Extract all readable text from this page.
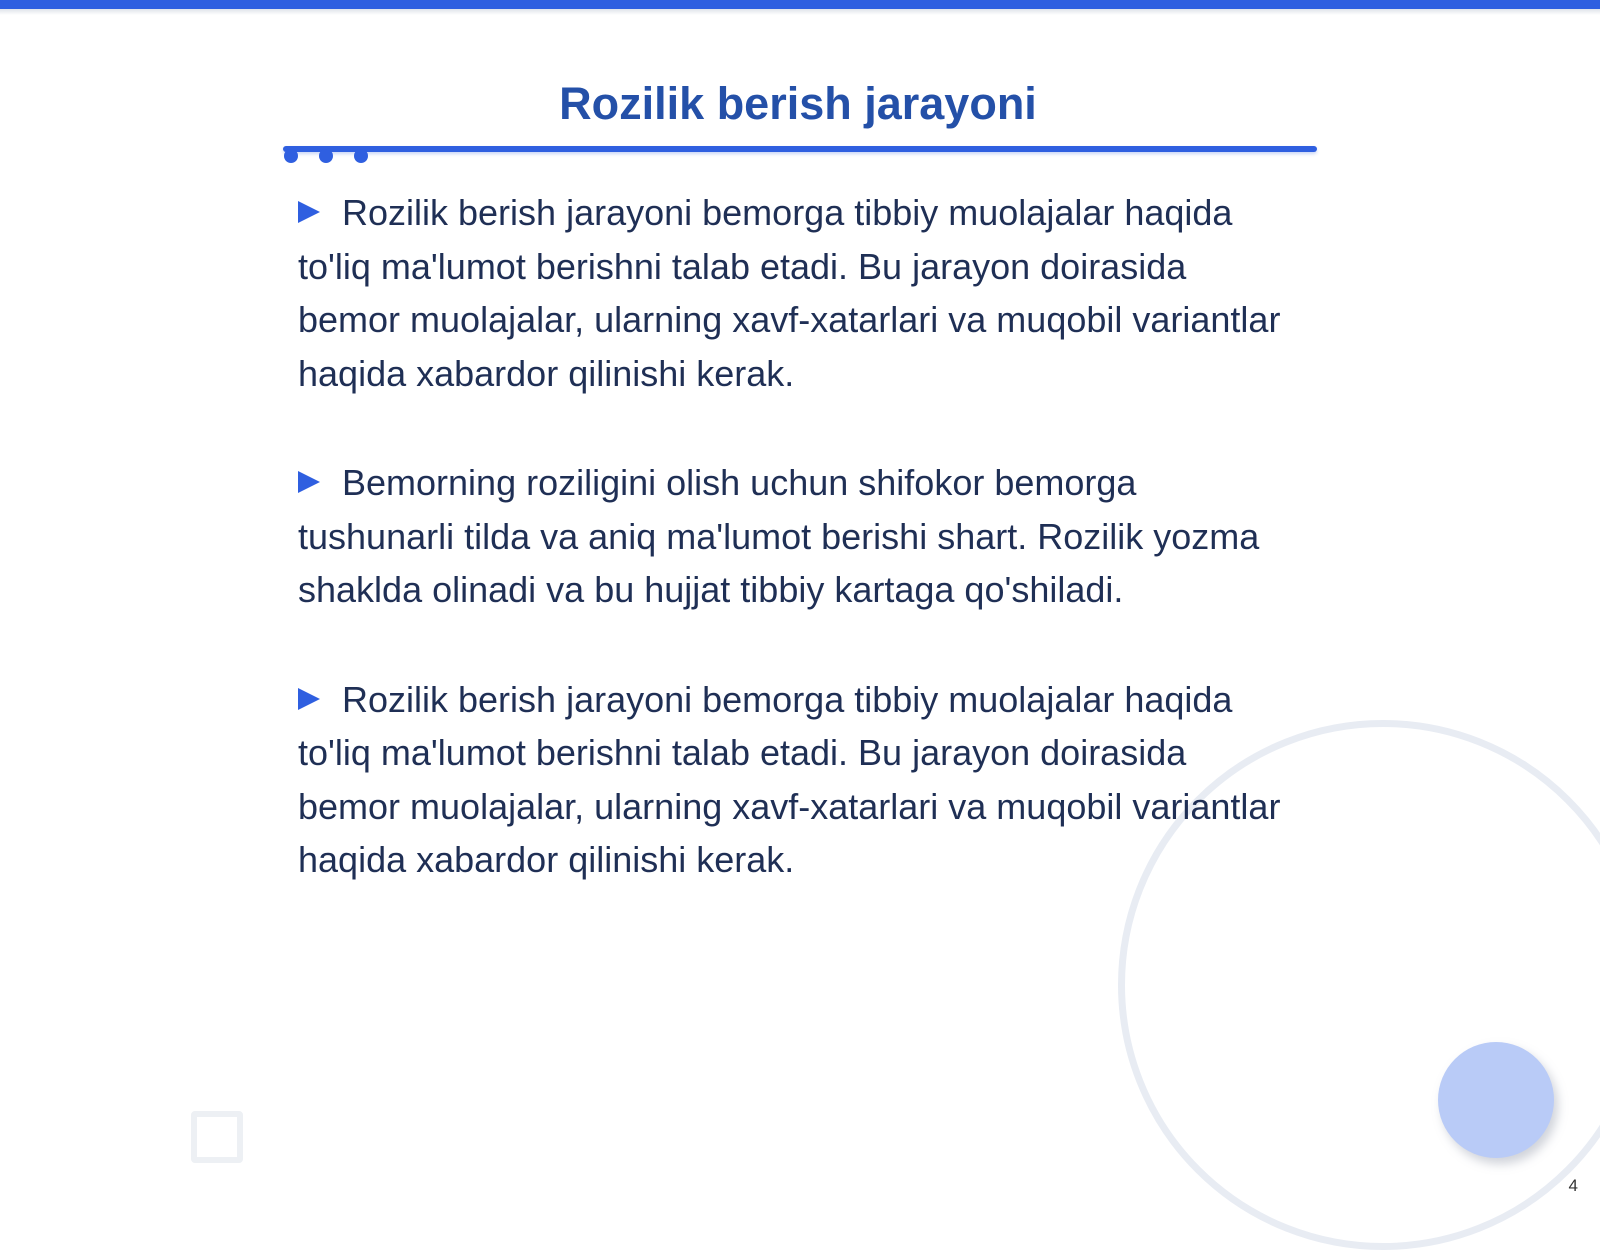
Rozilik berish jarayoni

Rozilik berish jarayoni bemorga tibbiy muolajalar haqida to'liq ma'lumot berishni talab etadi. Bu jarayon doirasida bemor muolajalar, ularning xavf-xatarlari va muqobil variantlar haqida xabardor qilinishi kerak.

Bemorning roziligini olish uchun shifokor bemorga tushunarli tilda va aniq ma'lumot berishi shart. Rozilik yozma shaklda olinadi va bu hujjat tibbiy kartaga qo'shiladi.

Rozilik berish jarayoni bemorga tibbiy muolajalar haqida to'liq ma'lumot berishni talab etadi. Bu jarayon doirasida bemor muolajalar, ularning xavf-xatarlari va muqobil variantlar haqida xabardor qilinishi kerak.

4
